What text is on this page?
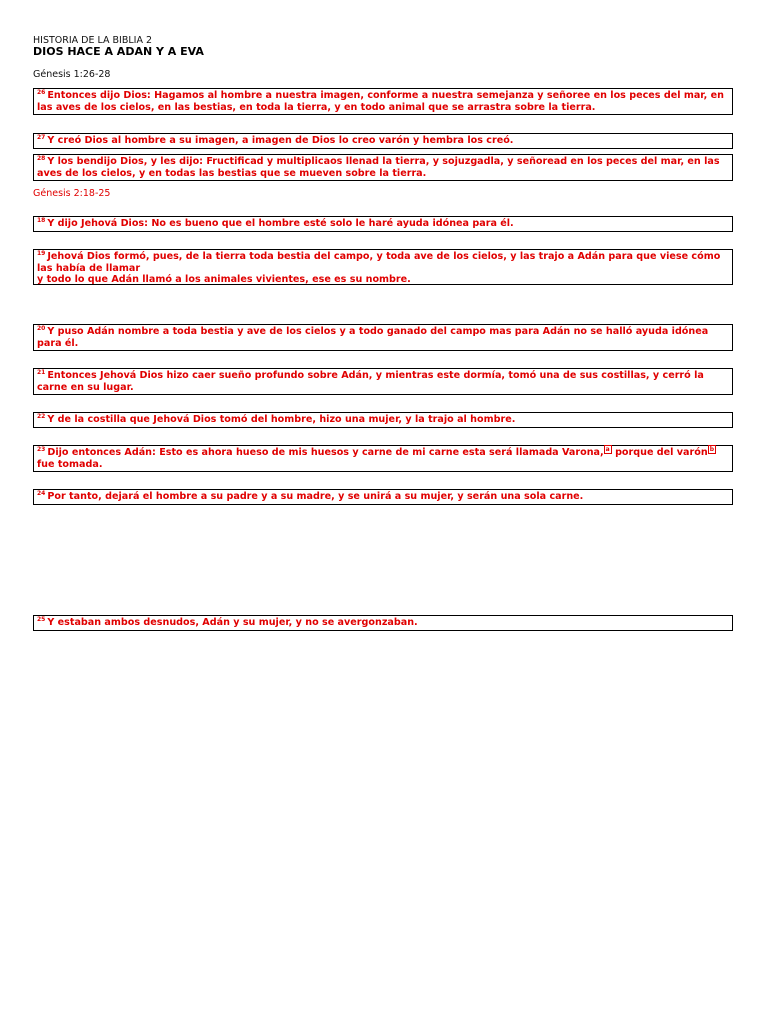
HISTORIA DE LA BIBLIA 2
DIOS HACE A ADAN Y A EVA
Génesis 1:26-28
$^{26}$ Entonces dijo Dios: Hagamos al hombre a nuestra imagen, conforme a nuestra semejanza y señoree en los peces del mar, en las aves de los cielos, en las bestias, en toda la tierra, y en todo animal que se arrastra sobre la tierra.
$^{27}$ Y creó Dios al hombre a su imagen, a imagen de Dios lo creo varón y hembra los creó.
$^{28}$ Y los bendijo Dios, y les dijo: Fructificad y multiplicaos llenad la tierra, y sojuzgadla, y señoread en los peces del mar, en las aves de los cielos, y en todas las bestias que se mueven sobre la tierra.
Génesis 2:18-25
$^{18}$ Y dijo Jehová Dios: No es bueno que el hombre esté solo le haré ayuda idónea para él.
$^{19}$ Jehová Dios formó, pues, de la tierra toda bestia del campo, y toda ave de los cielos, y las trajo a Adán para que viese cómo las había de llamar
y todo lo que Adán llamó a los animales vivientes, ese es su nombre.
$^{20}$ Y puso Adán nombre a toda bestia y ave de los cielos y a todo ganado del campo mas para Adán no se halló ayuda idónea para él.
$^{21}$ Entonces Jehová Dios hizo caer sueño profundo sobre Adán, y mientras este dormía, tomó una de sus costillas, y cerró la carne en su lugar.
$^{22}$ Y de la costilla que Jehová Dios tomó del hombre, hizo una mujer, y la trajo al hombre.
$^{23}$ Dijo entonces Adán: Esto es ahora hueso de mis huesos y carne de mi carne esta será llamada Varona, $^a$ porque del varón $^b$ fue tomada.
$^{24}$ Por tanto, dejará el hombre a su padre y a su madre, y se unirá a su mujer, y serán una sola carne.
$^{25}$ Y estaban ambos desnudos, Adán y su mujer, y no se avergonzaban.
